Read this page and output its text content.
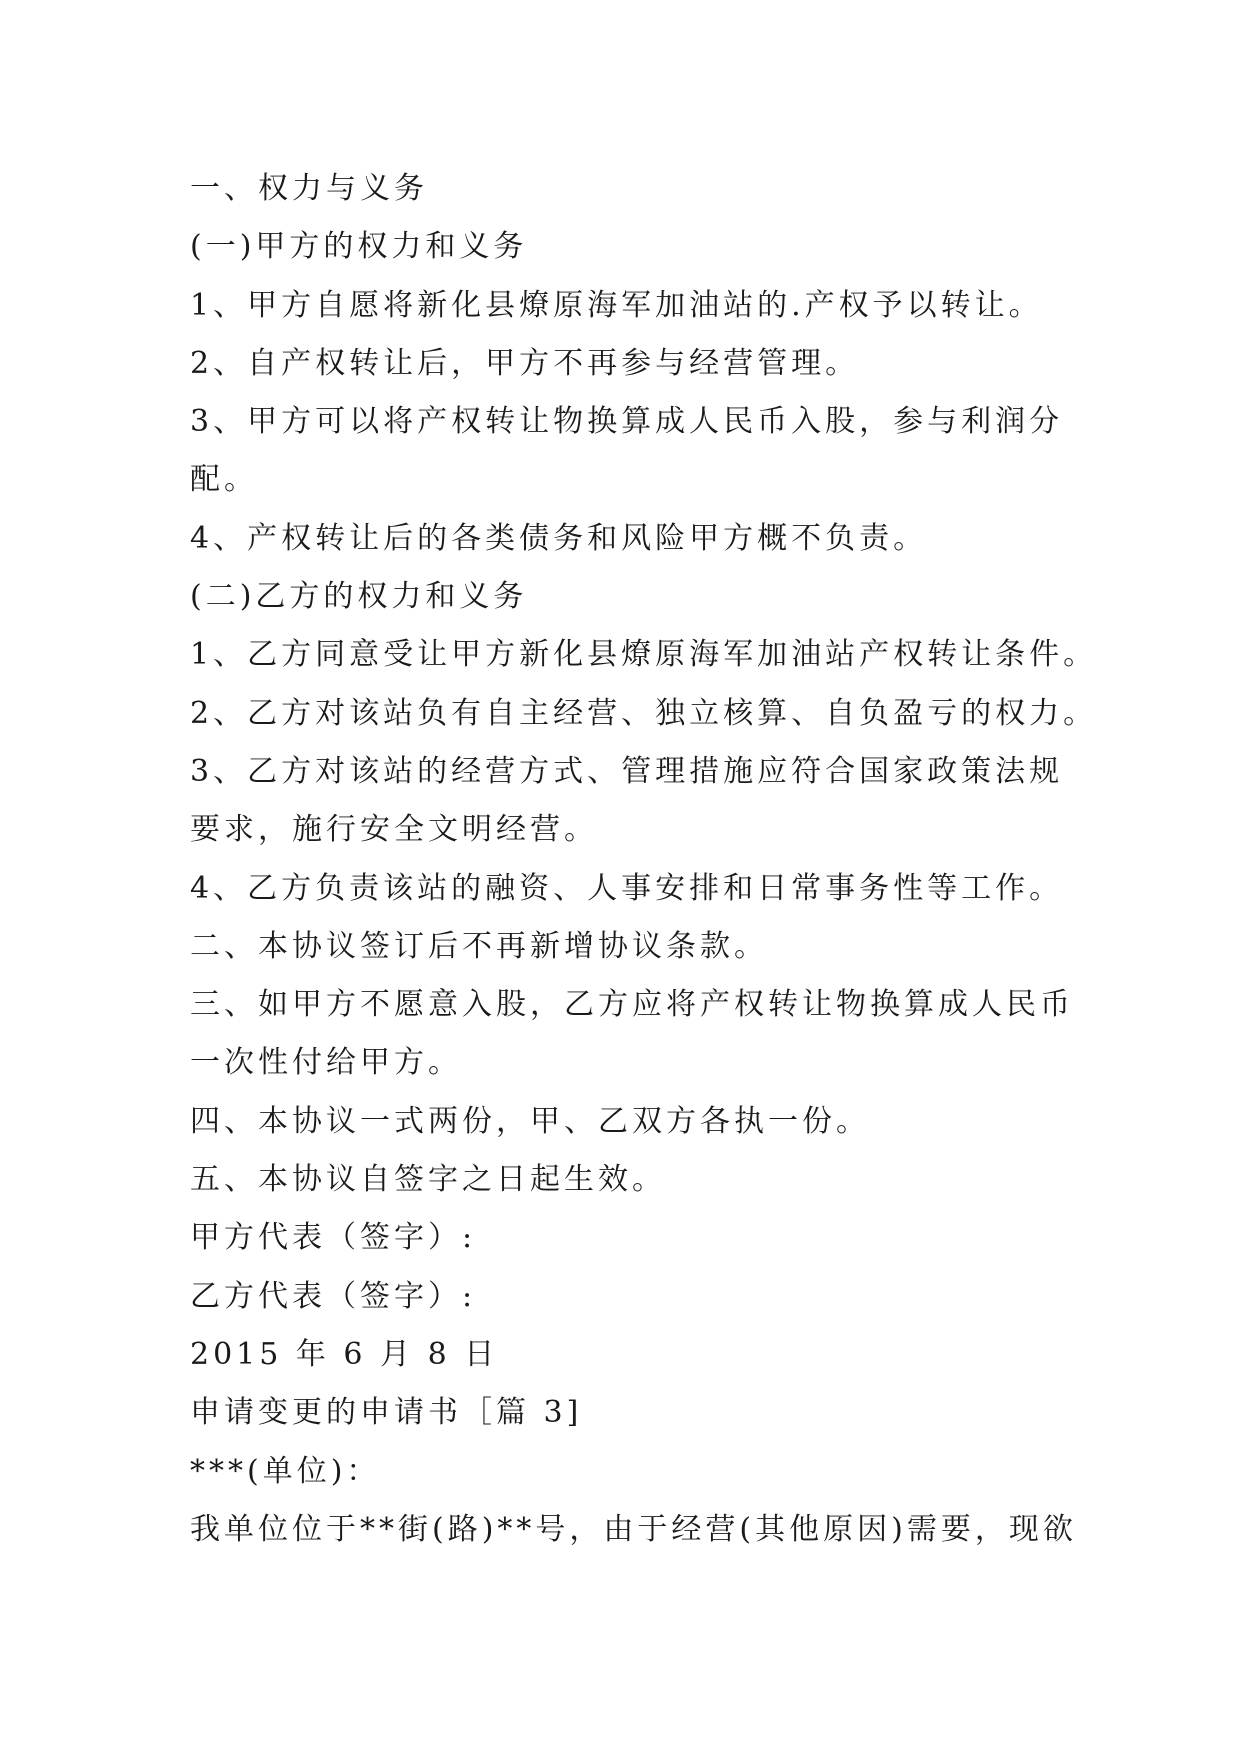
一、权力与义务
(一)甲方的权力和义务
1、甲方自愿将新化县燎原海军加油站的.产权予以转让。
2、自产权转让后，甲方不再参与经营管理。
3、甲方可以将产权转让物换算成人民币入股，参与利润分
配。
4、产权转让后的各类债务和风险甲方概不负责。
(二)乙方的权力和义务
1、乙方同意受让甲方新化县燎原海军加油站产权转让条件。
2、乙方对该站负有自主经营、独立核算、自负盈亏的权力。
3、乙方对该站的经营方式、管理措施应符合国家政策法规
要求，施行安全文明经营。
4、乙方负责该站的融资、人事安排和日常事务性等工作。
二、本协议签订后不再新增协议条款。
三、如甲方不愿意入股，乙方应将产权转让物换算成人民币
一次性付给甲方。
四、本协议一式两份，甲、乙双方各执一份。
五、本协议自签字之日起生效。
甲方代表（签字）:
乙方代表（签字）:
2015 年 6 月 8 日
申请变更的申请书［篇 3]
***(单位)：
我单位位于**街(路)**号，由于经营(其他原因)需要，现欲
